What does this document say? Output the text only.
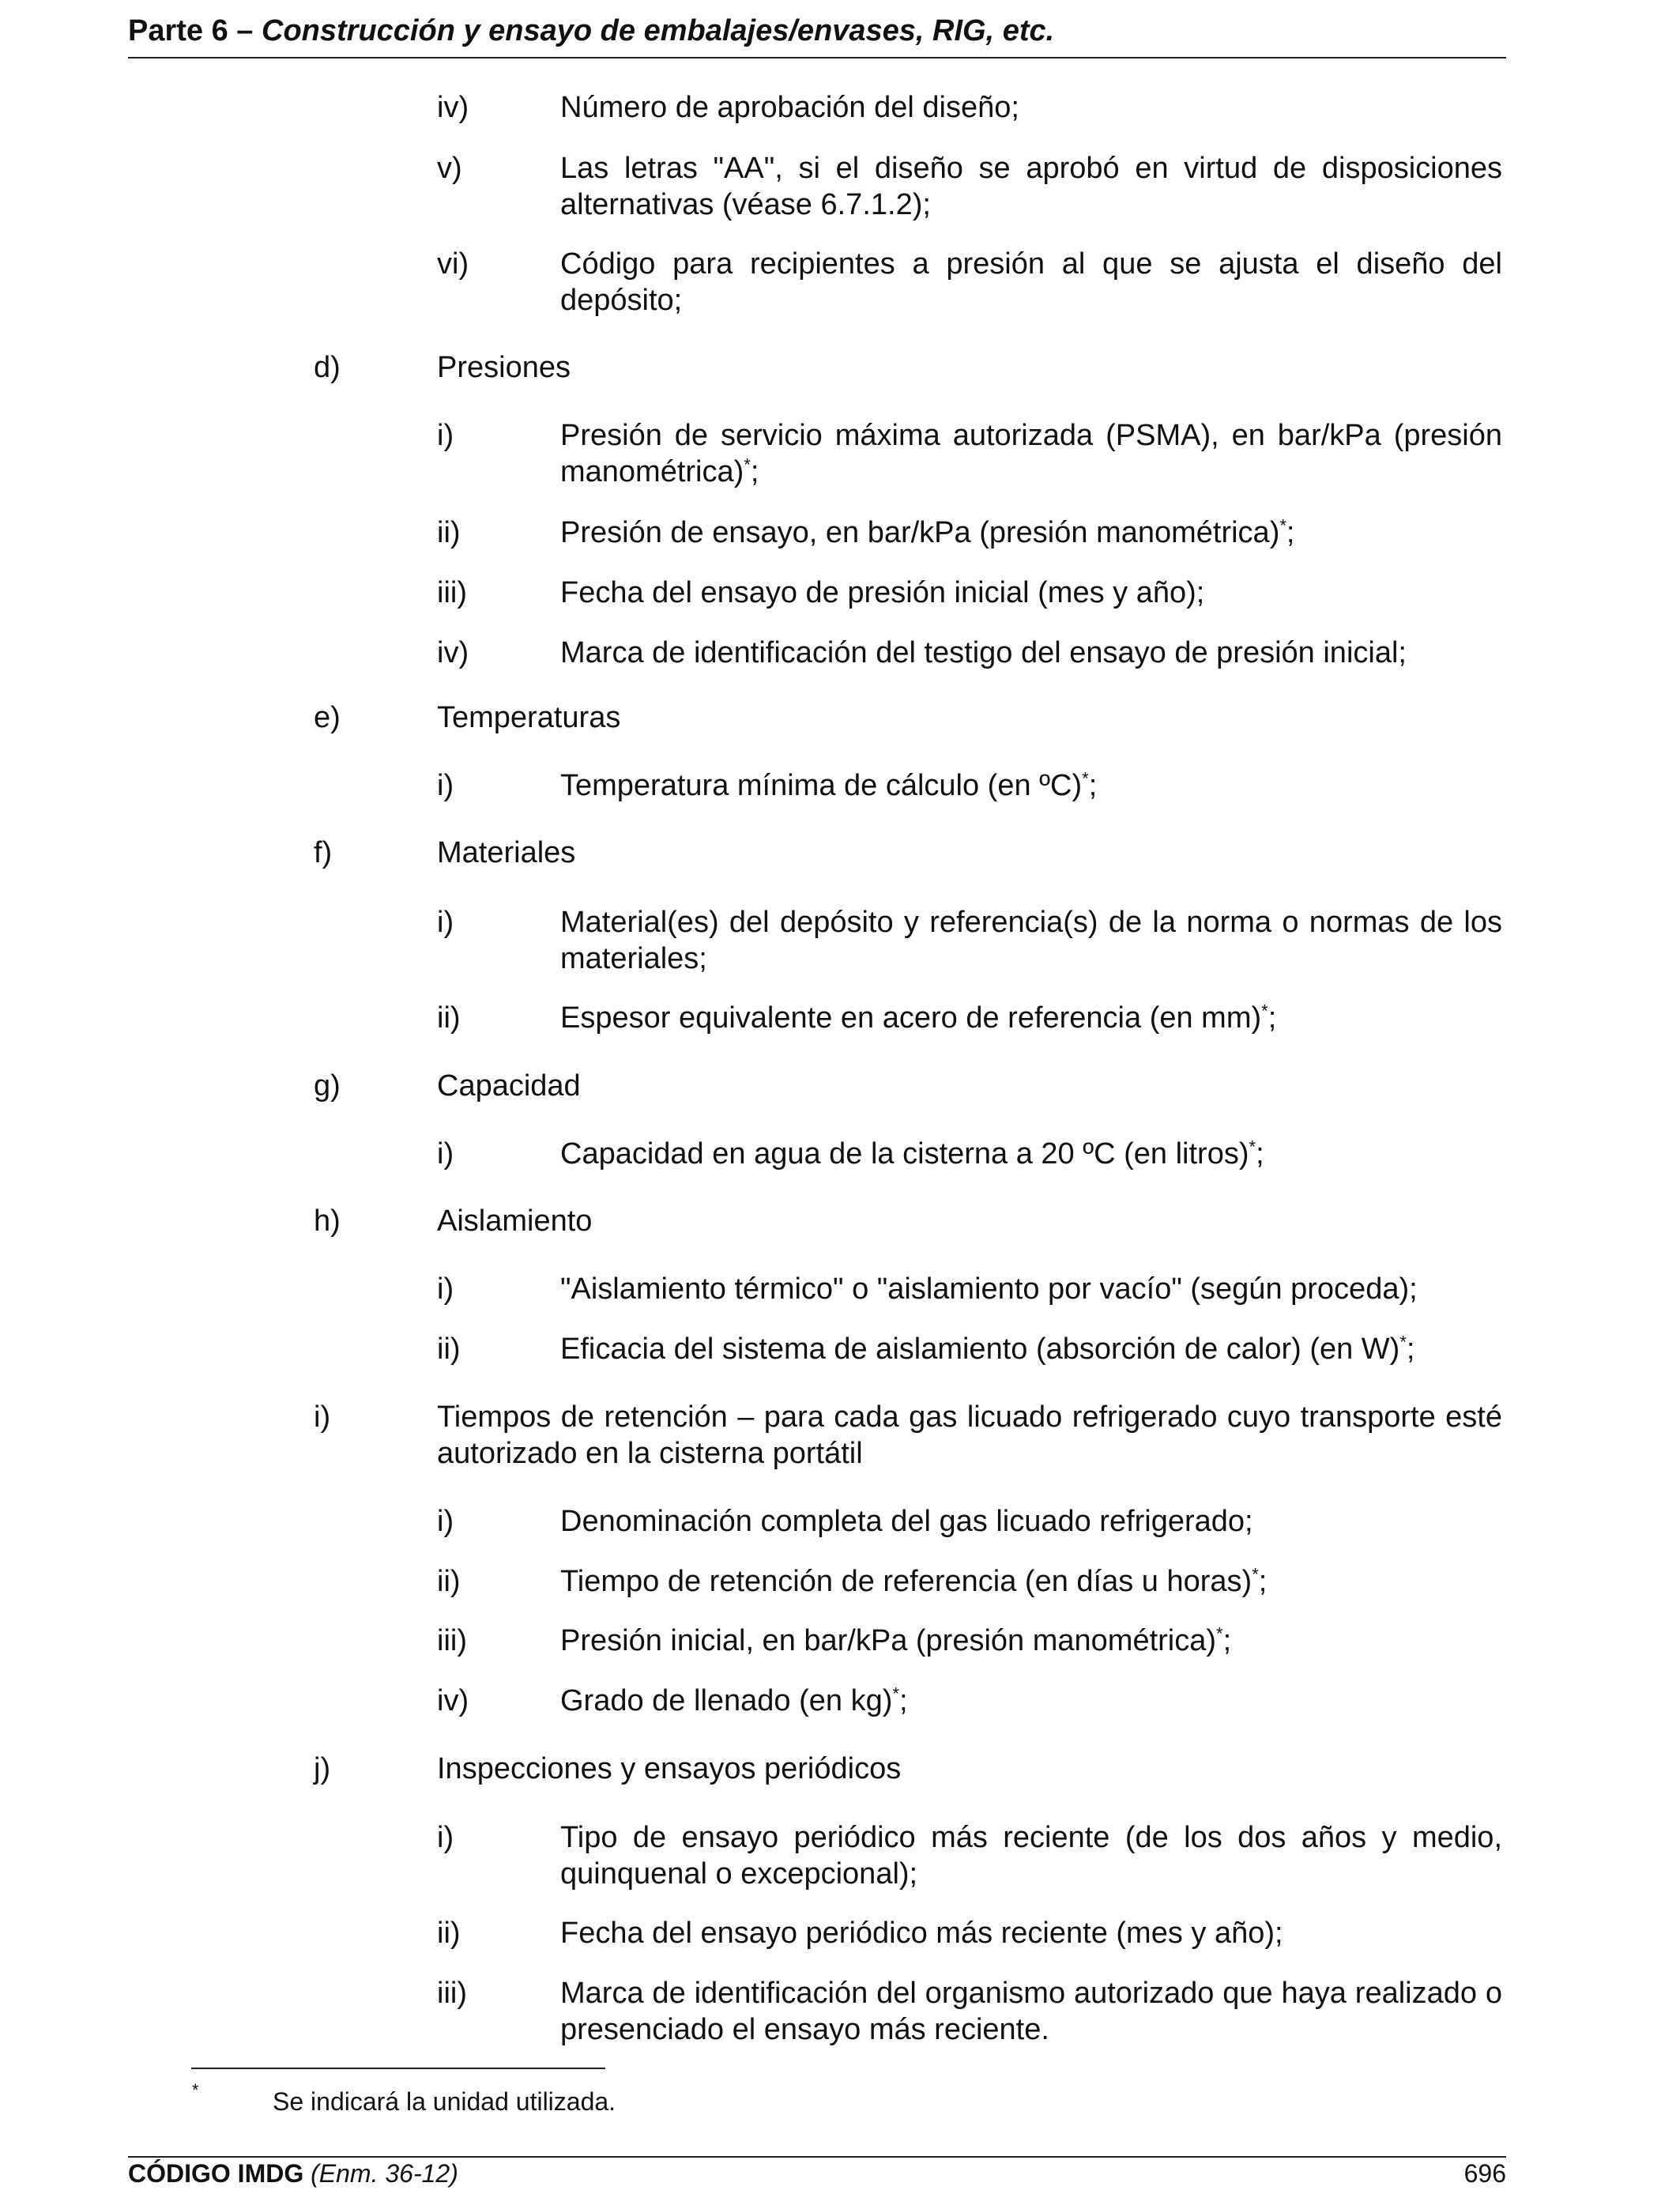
Parte 6 – Construcción y ensayo de embalajes/envases, RIG, etc.
iv)	Número de aprobación del diseño;
v)	Las letras "AA", si el diseño se aprobó en virtud de disposiciones alternativas (véase 6.7.1.2);
vi)	Código para recipientes a presión al que se ajusta el diseño del depósito;
d)	Presiones
i)	Presión de servicio máxima autorizada (PSMA), en bar/kPa (presión manométrica)*;
ii)	Presión de ensayo, en bar/kPa (presión manométrica)*;
iii)	Fecha del ensayo de presión inicial (mes y año);
iv)	Marca de identificación del testigo del ensayo de presión inicial;
e)	Temperaturas
i)	Temperatura mínima de cálculo (en ºC)*;
f)	Materiales
i)	Material(es) del depósito y referencia(s) de la norma o normas de los materiales;
ii)	Espesor equivalente en acero de referencia (en mm)*;
g)	Capacidad
i)	Capacidad en agua de la cisterna a 20 ºC (en litros)*;
h)	Aislamiento
i)	"Aislamiento térmico" o "aislamiento por vacío" (según proceda);
ii)	Eficacia del sistema de aislamiento (absorción de calor) (en W)*;
i)	Tiempos de retención – para cada gas licuado refrigerado cuyo transporte esté autorizado en la cisterna portátil
i)	Denominación completa del gas licuado refrigerado;
ii)	Tiempo de retención de referencia (en días u horas)*;
iii)	Presión inicial, en bar/kPa (presión manométrica)*;
iv)	Grado de llenado (en kg)*;
j)	Inspecciones y ensayos periódicos
i)	Tipo de ensayo periódico más reciente (de los dos años y medio, quinquenal o excepcional);
ii)	Fecha del ensayo periódico más reciente (mes y año);
iii)	Marca de identificación del organismo autorizado que haya realizado o presenciado el ensayo más reciente.
*	Se indicará la unidad utilizada.
CÓDIGO IMDG (Enm. 36-12)	696
